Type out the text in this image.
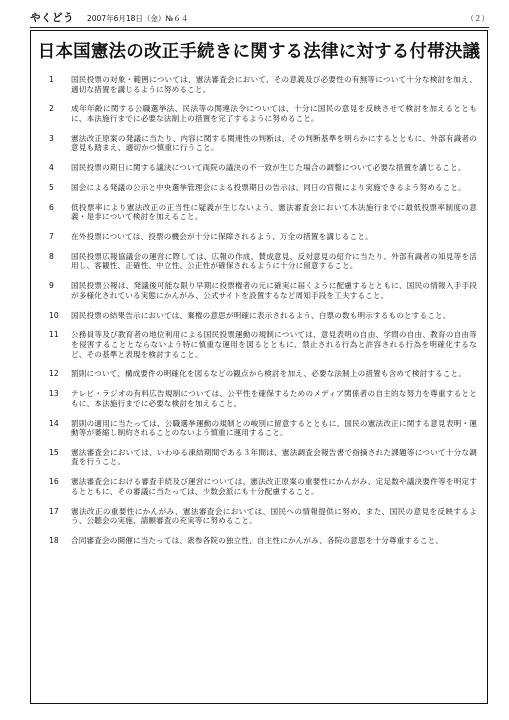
やくどう 2007年6月18日（金）№６４	（２）
日本国憲法の改正手続きに関する法律に対する付帯決議
1	国民投票の対象・範囲については、憲法審査会において、その意義及び必要性の有無等について十分な検討を加え、適切な措置を講じるように努めること。
2	成年年齢に関する公職選挙法、民法等の関連法令については、十分に国民の意見を反映させて検討を加えるとともに、本法施行までに必要な法制上の措置を完了するように努めること。
3	憲法改正原案の発議に当たり、内容に関する関連性の判断は、その判断基準を明らかにするとともに、外部有識者の意見も踏まえ、適切かつ慎重に行うこと。
4	国民投票の期日に関する議決について両院の議決の不一致が生じた場合の調整について必要な措置を講じること。
5	国会による発議の公示と中央選挙管理会による投票期日の告示は、同日の官報により実施できるよう努めること。
6	低投票率により憲法改正の正当性に疑義が生じないよう、憲法審査会において本法施行までに最低投票率制度の意義・是非について検討を加えること。
7	在外投票については、投票の機会が十分に保障されるよう、万全の措置を講じること。
8	国民投票広報協議会の運営に際しては、広報の作成、賛成意見、反対意見の紹介に当たり、外部有識者の知見等を活用し、客観性、正確性、中立性、公正性が確保されるように十分に留意すること。
9	国民投票公報は、発議後可能な限り早期に投票権者の元に確実に届くように配慮するとともに、国民の情報入手手段が多様化されている実態にかんがみ、公式サイトを設置するなど周知手段を工夫すること。
10	国民投票の結果告示においては、棄権の意思が明確に表示されるよう、白票の数も明示するものとすること。
11	公務員等及び教育者の地位利用による国民投票運動の規制については、意見表明の自由、学問の自由、教育の自由等を侵害することとならないよう特に慎重な運用を図るとともに、禁止される行為と許容される行為を明確化するなど、その基準と表現を検討すること。
12	罰則について、構成要件の明確化を図るなどの観点から検討を加え、必要な法制上の措置も含めて検討すること。
13	テレビ・ラジオの有料広告規制については、公平性を確保するためのメディア関係者の自主的な努力を尊重するとともに、本法施行までに必要な検討を加えること。
14	罰則の適用に当たっては、公職選挙運動の規制との峻別に留意するとともに、国民の憲法改正に関する意見表明・運動等が萎縮し制約されることのないよう慎重に運用すること。
15	憲法審査会においては、いわゆる凍結期間である３年間は、憲法調査会報告書で指摘された課題等について十分な調査を行うこと。
16	憲法審査会における審査手続及び運営については、憲法改正原案の重要性にかんがみ、定足数や議決要件等を明定するとともに、その審議に当たっては、少数会派にも十分配慮すること。
17	憲法改正の重要性にかんがみ、憲法審査会においては、国民への情報提供に努め、また、国民の意見を反映するよう、公聴会の実施、請願審査の充実等に努めること。
18	合同審査会の開催に当たっては、衆参各院の独立性、自主性にかんがみ、各院の意思を十分尊重すること。
